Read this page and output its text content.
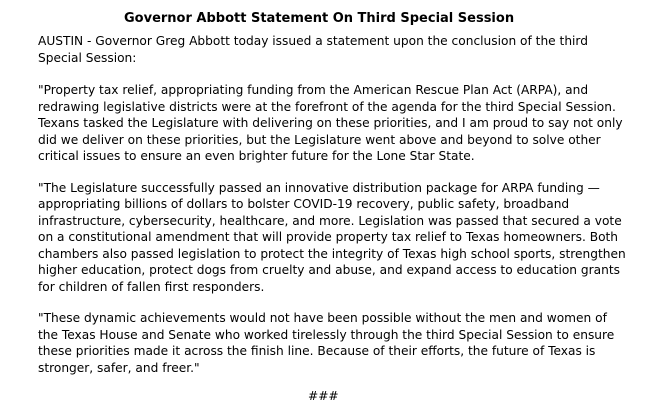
Governor Abbott Statement On Third Special Session

AUSTIN - Governor Greg Abbott today issued a statement upon the conclusion of the third Special Session:

"Property tax relief, appropriating funding from the American Rescue Plan Act (ARPA), and redrawing legislative districts were at the forefront of the agenda for the third Special Session. Texans tasked the Legislature with delivering on these priorities, and I am proud to say not only did we deliver on these priorities, but the Legislature went above and beyond to solve other critical issues to ensure an even brighter future for the Lone Star State.

"The Legislature successfully passed an innovative distribution package for ARPA funding — appropriating billions of dollars to bolster COVID-19 recovery, public safety, broadband infrastructure, cybersecurity, healthcare, and more. Legislation was passed that secured a vote on a constitutional amendment that will provide property tax relief to Texas homeowners. Both chambers also passed legislation to protect the integrity of Texas high school sports, strengthen higher education, protect dogs from cruelty and abuse, and expand access to education grants for children of fallen first responders.

"These dynamic achievements would not have been possible without the men and women of the Texas House and Senate who worked tirelessly through the third Special Session to ensure these priorities made it across the finish line. Because of their efforts, the future of Texas is stronger, safer, and freer."

###
